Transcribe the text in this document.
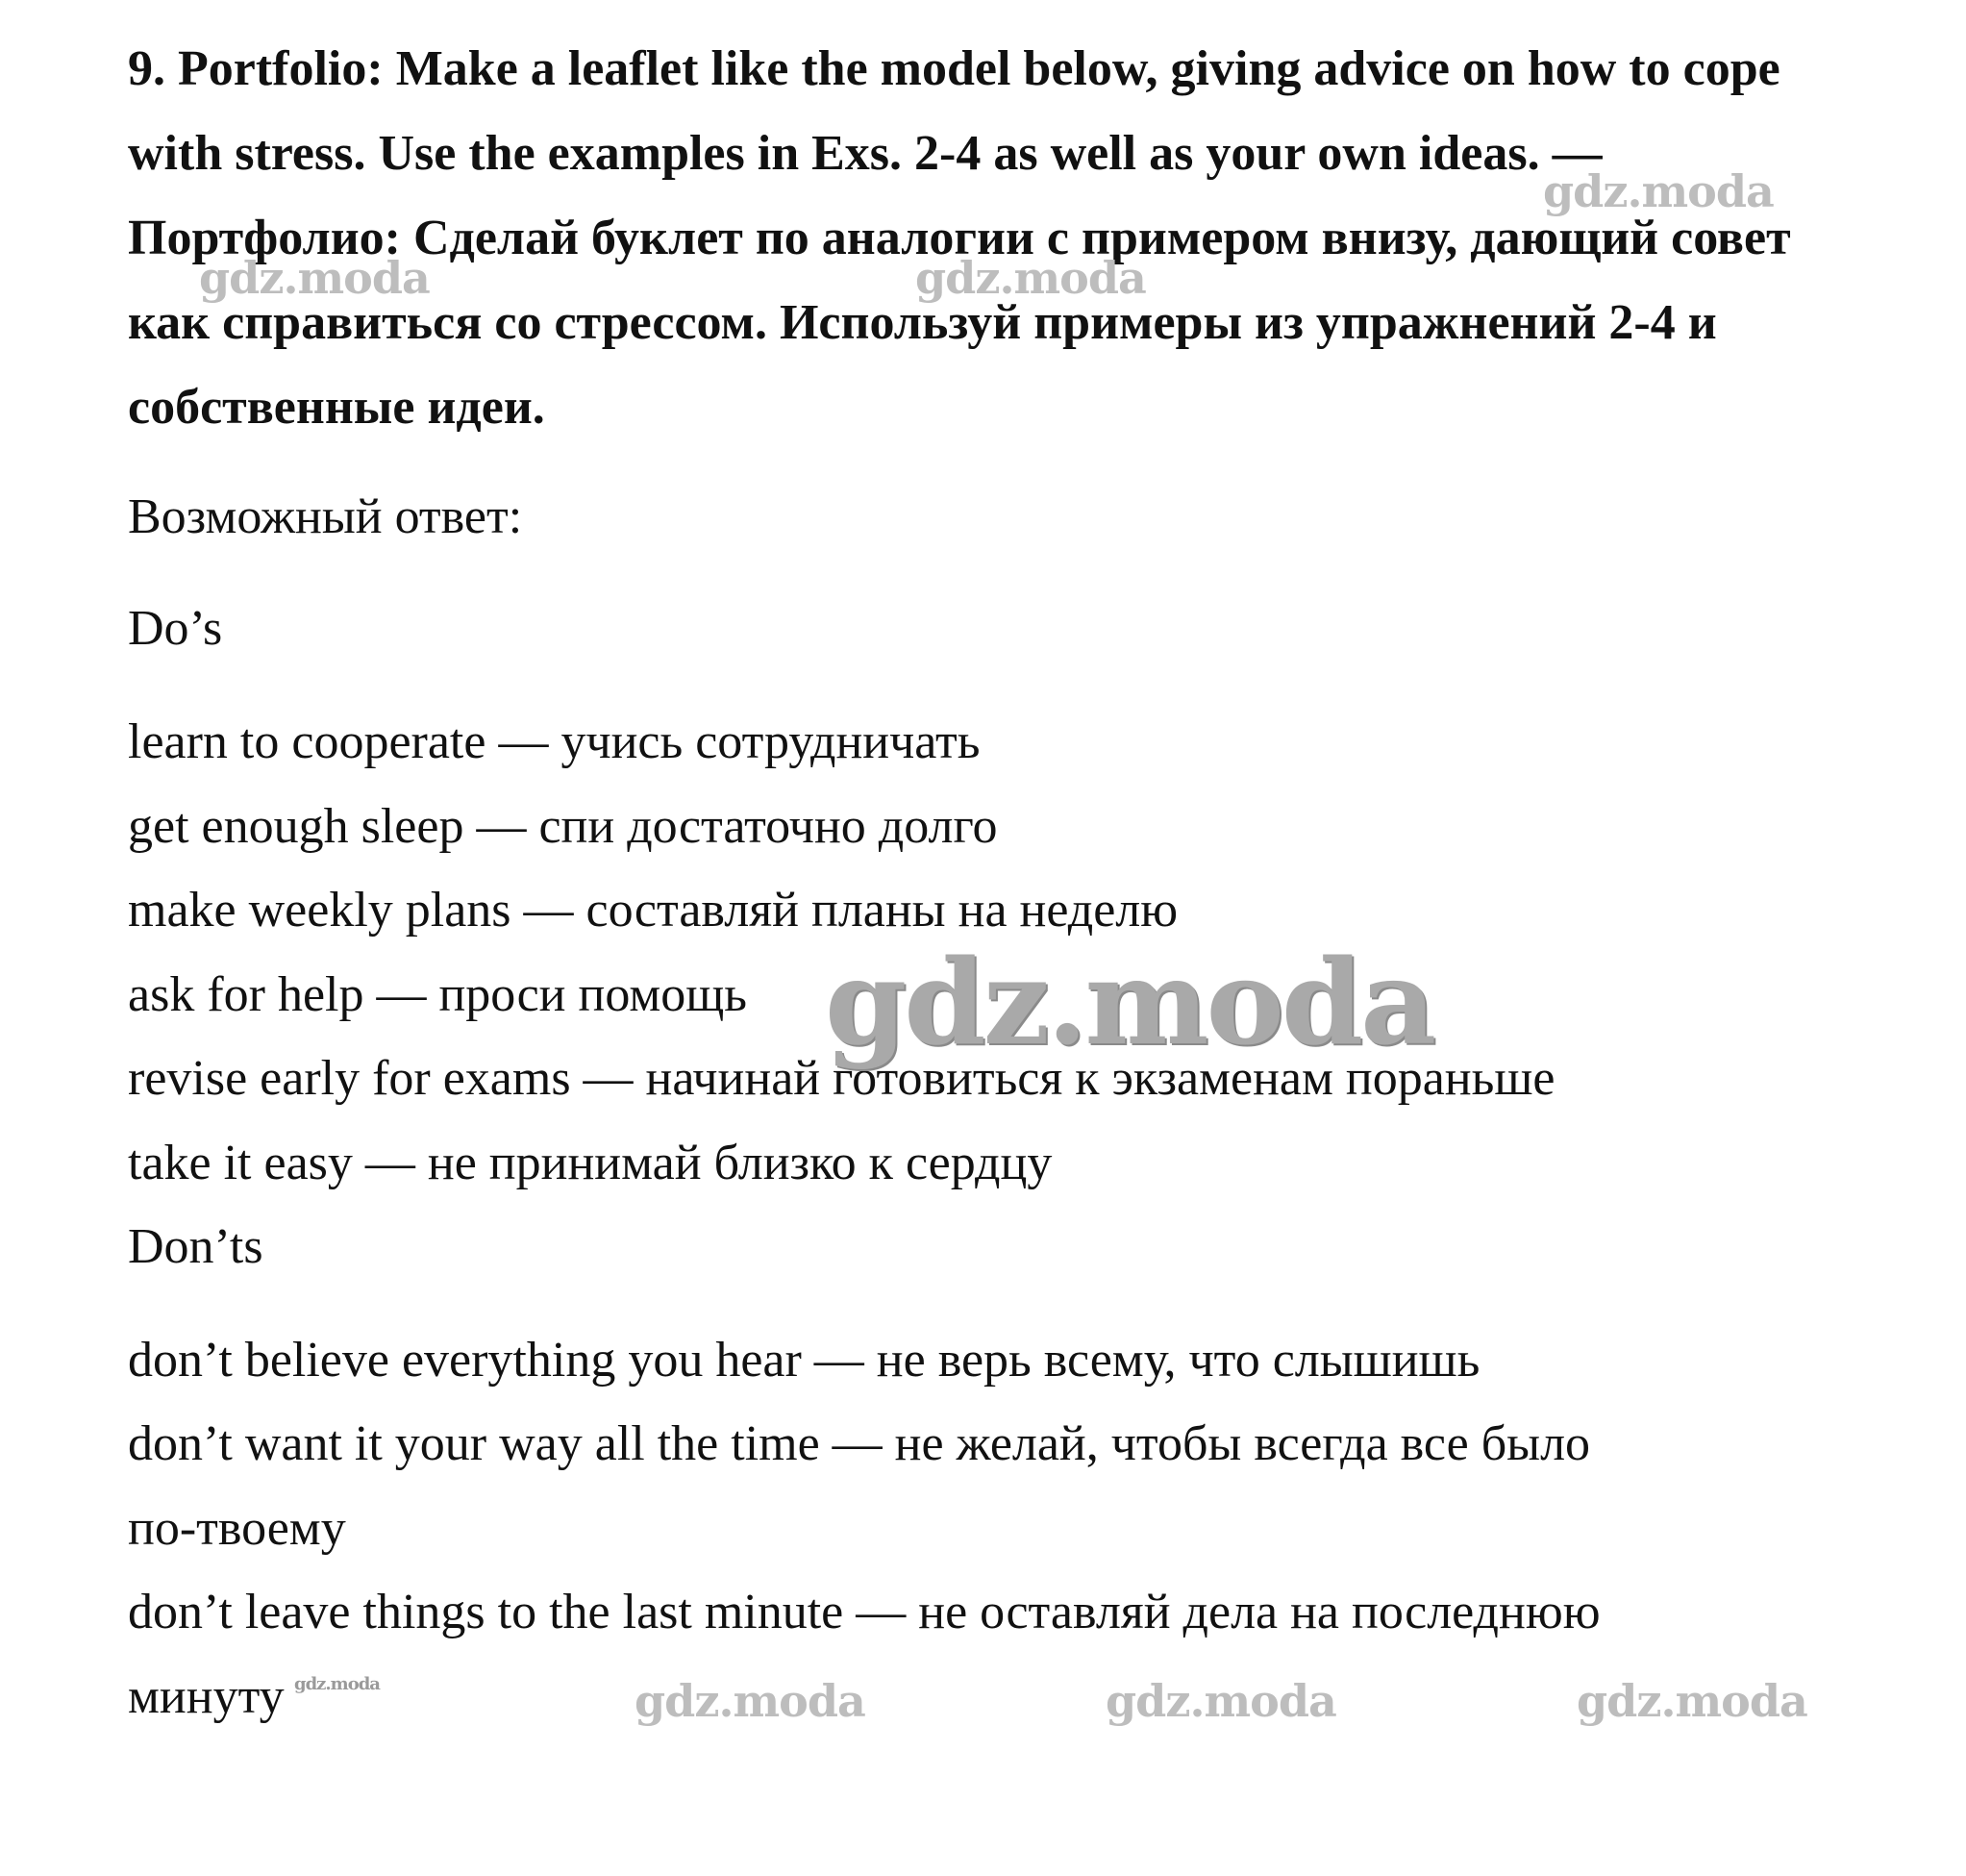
9. Portfolio: Make a leaflet like the model below, giving advice on how to cope with stress. Use the examples in Exs. 2-4 as well as your own ideas. — Портфолио: Сделай буклет по аналогии с примером внизу, дающий совет как справиться со стрессом. Используй примеры из упражнений 2-4 и собственные идеи.

Возможный ответ:

Do’s

learn to cooperate — учись сотрудничать

get enough sleep — спи достаточно долго

make weekly plans — составляй планы на неделю

ask for help — проси помощь

revise early for exams — начинай готовиться к экзаменам пораньше

take it easy — не принимай близко к сердцу

Don’ts

don’t believe everything you hear — не верь всему, что слышишь

don’t want it your way all the time — не желай, чтобы всегда все было

по-твоему

don’t leave things to the last minute — не оставляй дела на последнюю

минуту

gdz.moda
gdz.moda	gdz.moda
gdz.moda
gdz.moda	gdz.moda	gdz.moda	gdz.moda
